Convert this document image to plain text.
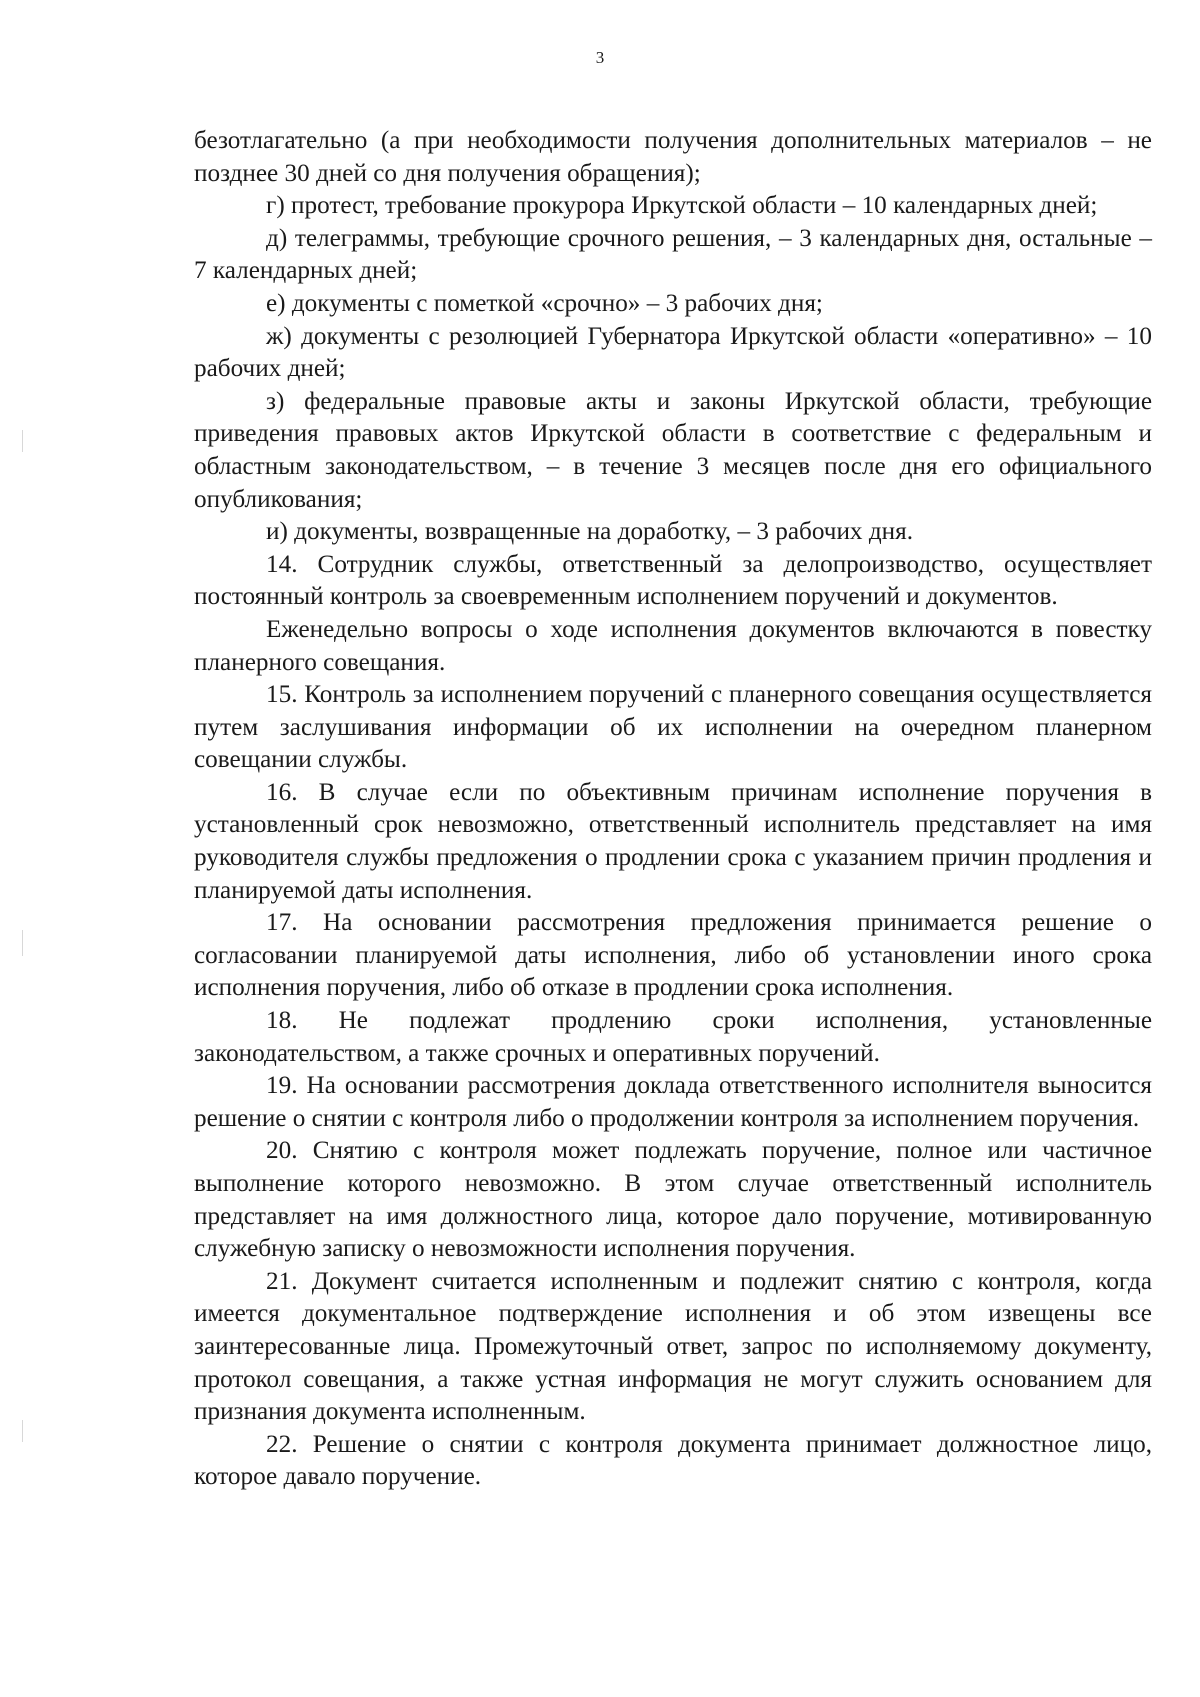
3

безотлагательно (а при необходимости получения дополнительных материалов – не позднее 30 дней со дня получения обращения);

г) протест, требование прокурора Иркутской области – 10 календарных дней;

д) телеграммы, требующие срочного решения, – 3 календарных дня, остальные – 7 календарных дней;

е) документы с пометкой «срочно» – 3 рабочих дня;

ж) документы с резолюцией Губернатора Иркутской области «оперативно» – 10 рабочих дней;

з) федеральные правовые акты и законы Иркутской области, требующие приведения правовых актов Иркутской области в соответствие с федеральным и областным законодательством, – в течение 3 месяцев после дня его официального опубликования;

и) документы, возвращенные на доработку, – 3 рабочих дня.

14. Сотрудник службы, ответственный за делопроизводство, осуществляет постоянный контроль за своевременным исполнением поручений и документов.

Еженедельно вопросы о ходе исполнения документов включаются в повестку планерного совещания.

15. Контроль за исполнением поручений с планерного совещания осуществляется путем заслушивания информации об их исполнении на очередном планерном совещании службы.

16. В случае если по объективным причинам исполнение поручения в установленный срок невозможно, ответственный исполнитель представляет на имя руководителя службы предложения о продлении срока с указанием причин продления и планируемой даты исполнения.

17. На основании рассмотрения предложения принимается решение о согласовании планируемой даты исполнения, либо об установлении иного срока исполнения поручения, либо об отказе в продлении срока исполнения.

18. Не подлежат продлению сроки исполнения, установленные законодательством, а также срочных и оперативных поручений.

19. На основании рассмотрения доклада ответственного исполнителя выносится решение о снятии с контроля либо о продолжении контроля за исполнением поручения.

20. Снятию с контроля может подлежать поручение, полное или частичное выполнение которого невозможно. В этом случае ответственный исполнитель представляет на имя должностного лица, которое дало поручение, мотивированную служебную записку о невозможности исполнения поручения.

21. Документ считается исполненным и подлежит снятию с контроля, когда имеется документальное подтверждение исполнения и об этом извещены все заинтересованные лица. Промежуточный ответ, запрос по исполняемому документу, протокол совещания, а также устная информация не могут служить основанием для признания документа исполненным.

22. Решение о снятии с контроля документа принимает должностное лицо, которое давало поручение.
